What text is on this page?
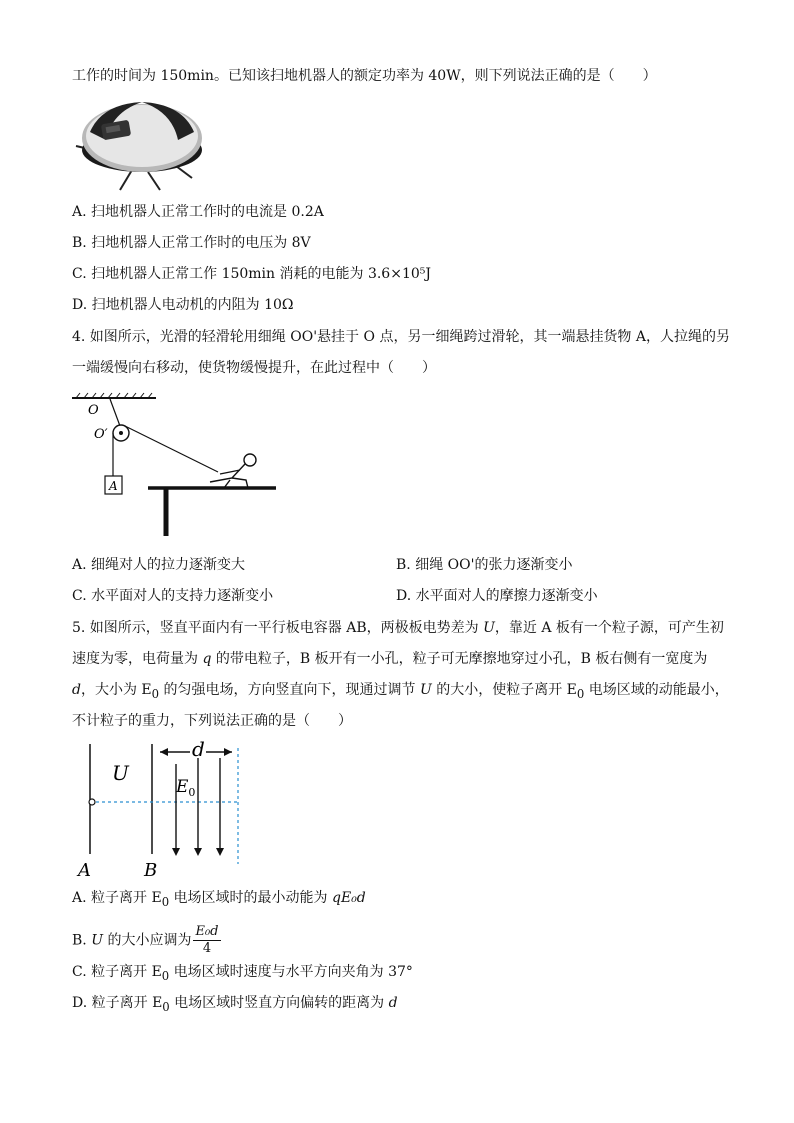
工作的时间为 150min。已知该扫地机器人的额定功率为 40W，则下列说法正确的是（　　）
A. 扫地机器人正常工作时的电流是 0.2A
B. 扫地机器人正常工作时的电压为 8V
C. 扫地机器人正常工作 150min 消耗的电能为 3.6×10⁵J
D. 扫地机器人电动机的内阻为 10Ω
4. 如图所示，光滑的轻滑轮用细绳 OO'悬挂于 O 点，另一细绳跨过滑轮，其一端悬挂货物 A，人拉绳的另
一端缓慢向右移动，使货物缓慢提升，在此过程中（　　）
O
O′
A
A. 细绳对人的拉力逐渐变大	B. 细绳 OO'的张力逐渐变小
C. 水平面对人的支持力逐渐变小	D. 水平面对人的摩擦力逐渐变小
5. 如图所示，竖直平面内有一平行板电容器 AB，两极板电势差为 U，靠近 A 板有一个粒子源，可产生初
速度为零，电荷量为 q 的带电粒子，B 板开有一小孔，粒子可无摩擦地穿过小孔，B 板右侧有一宽度为
d，大小为 $E_0$ 的匀强电场，方向竖直向下，现通过调节 U 的大小，使粒子离开 $E_0$ 电场区域的动能最小，
不计粒子的重力，下列说法正确的是（　　）
U
d
$E_0$
A	B
A. 粒子离开 $E_0$ 电场区域时的最小动能为 qE₀d
B. U 的大小应调为 $\frac{\text{E₀d}}{4}$
C. 粒子离开 $E_0$ 电场区域时速度与水平方向夹角为 37°
D. 粒子离开 $E_0$ 电场区域时竖直方向偏转的距离为 d
